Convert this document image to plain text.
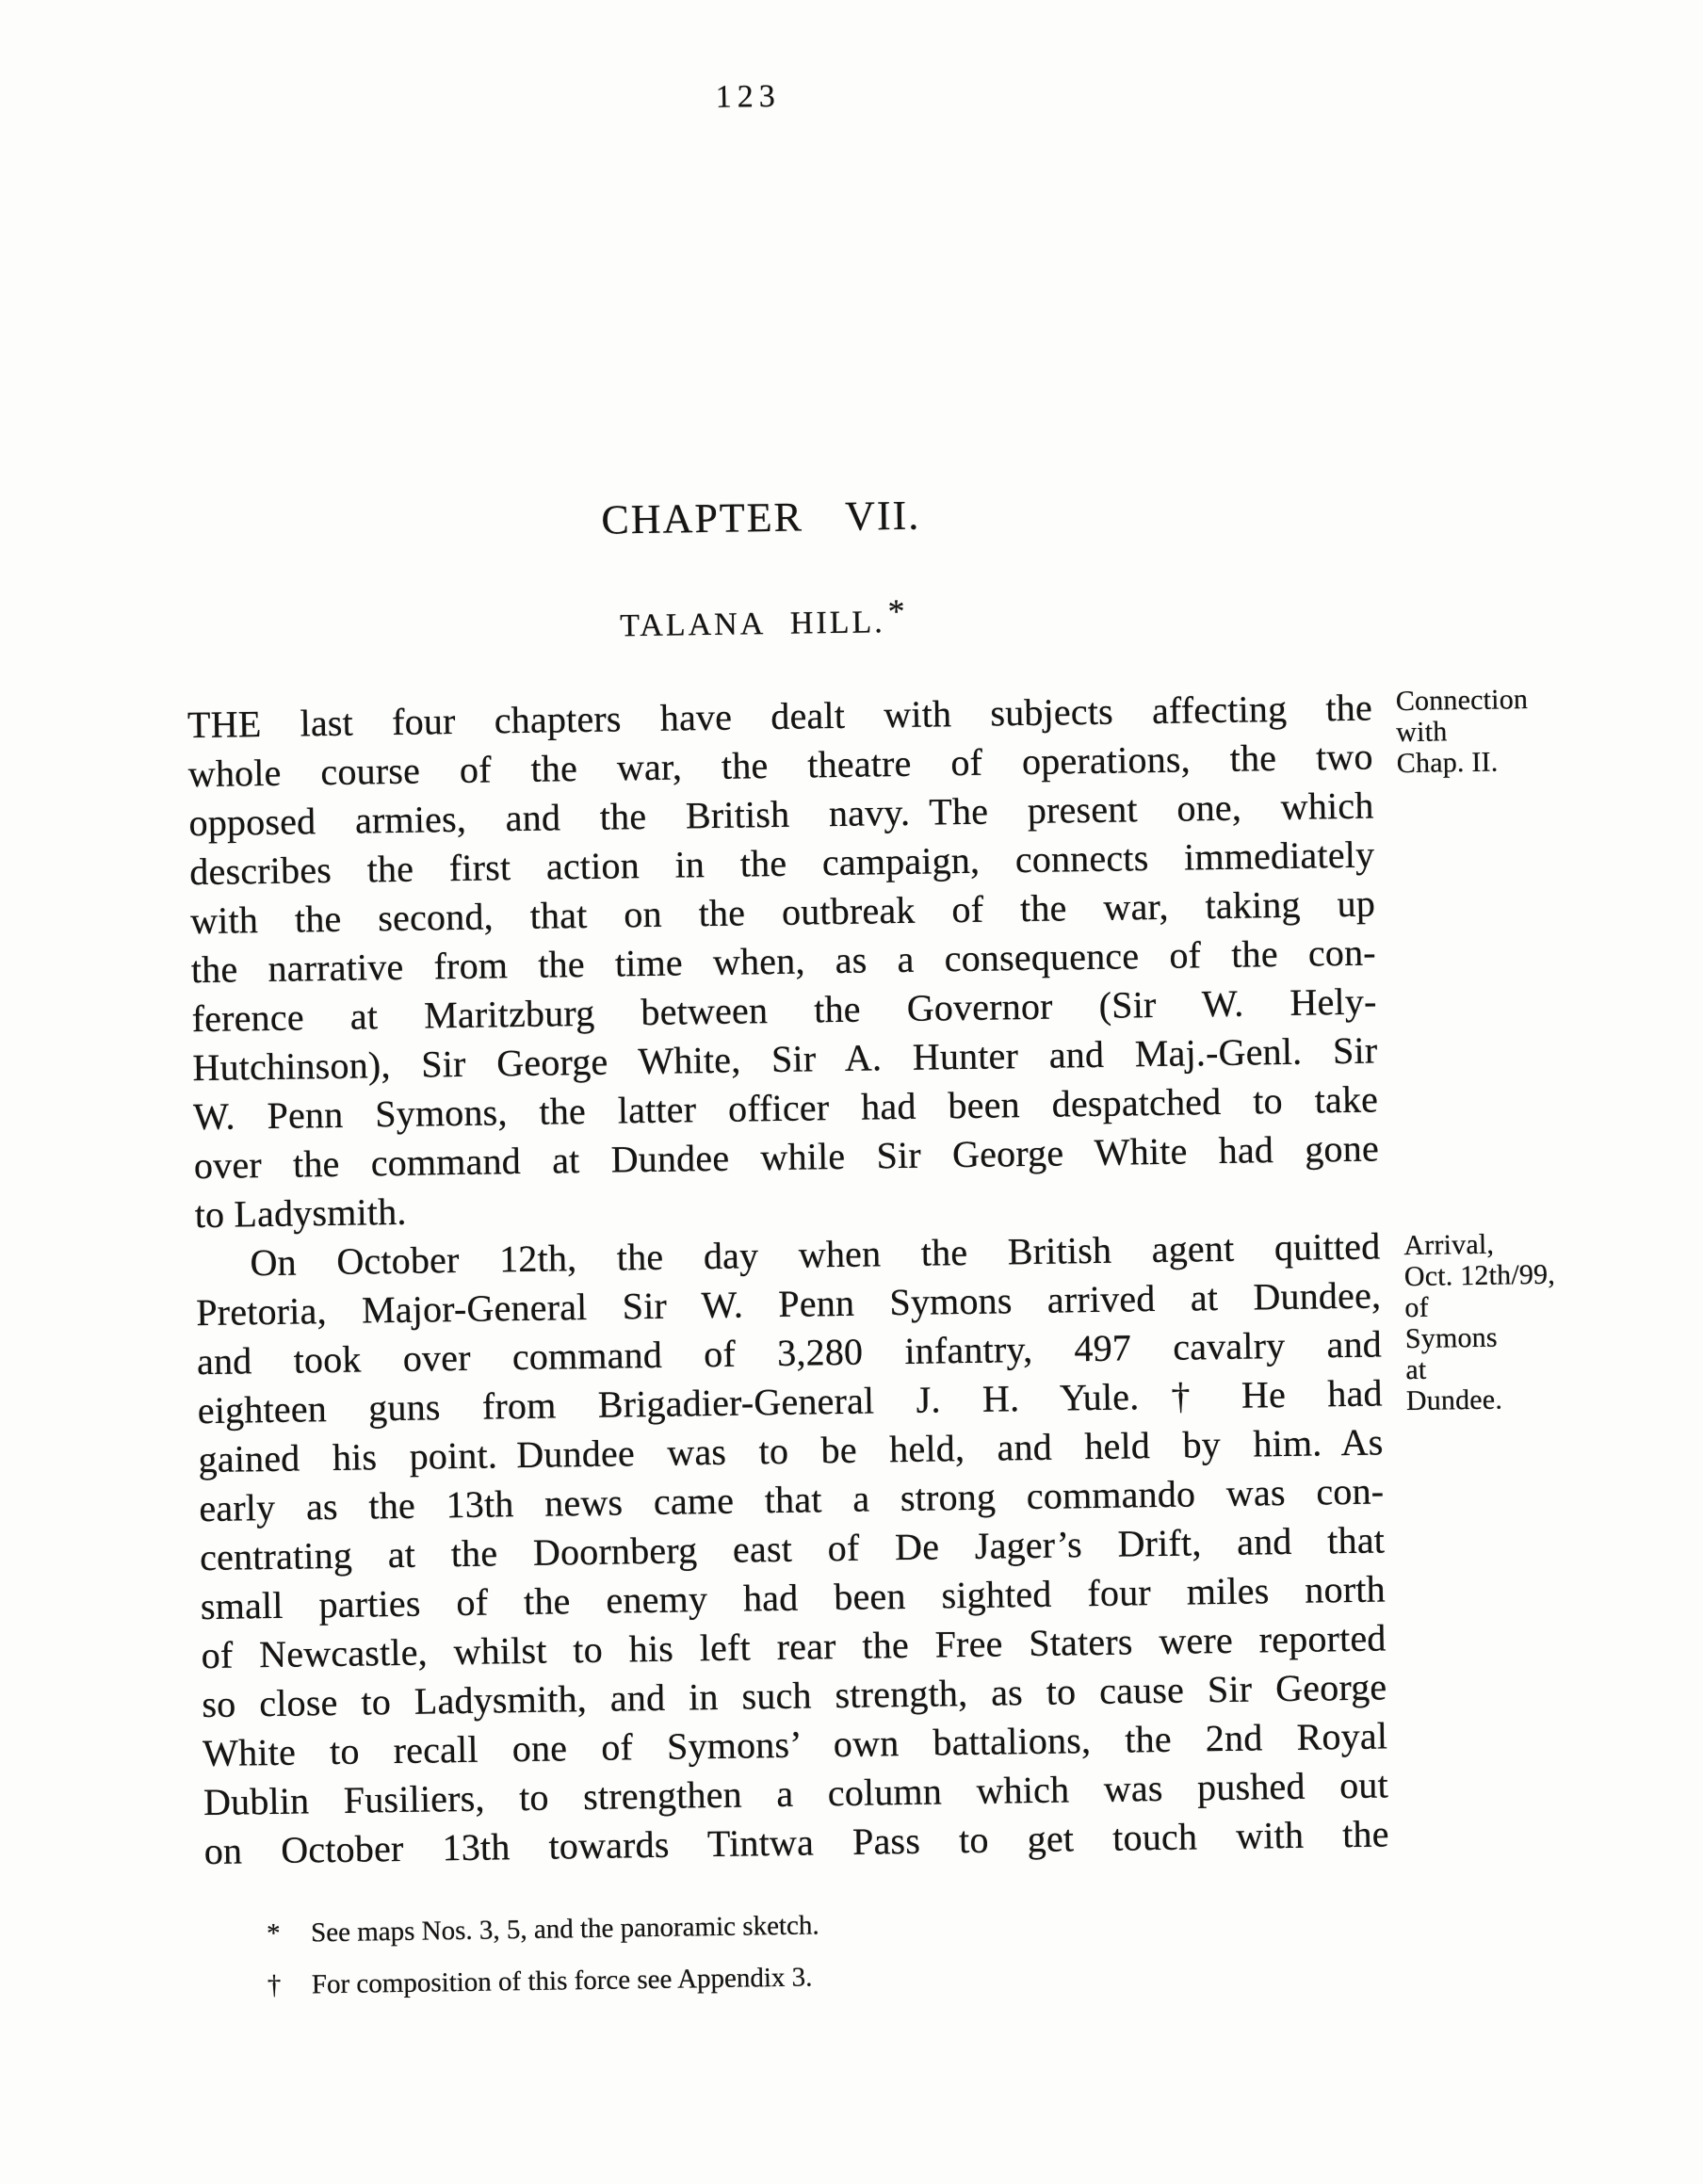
123
CHAPTER VII.
TALANA HILL.*
THE last four chapters have dealt with subjects affecting the
whole course of the war, the theatre of operations, the two
opposed armies, and the British navy. The present one, which
describes the first action in the campaign, connects immediately
with the second, that on the outbreak of the war, taking up
the narrative from the time when, as a consequence of the con-
ference at Maritzburg between the Governor (Sir W. Hely-
Hutchinson), Sir George White, Sir A. Hunter and Maj.-Genl. Sir
W. Penn Symons, the latter officer had been despatched to take
over the command at Dundee while Sir George White had gone
to Ladysmith.
On October 12th, the day when the British agent quitted
Pretoria, Major-General Sir W. Penn Symons arrived at Dundee,
and took over command of 3,280 infantry, 497 cavalry and
eighteen guns from Brigadier-General J. H. Yule.† He had
gained his point. Dundee was to be held, and held by him. As
early as the 13th news came that a strong commando was con-
centrating at the Doornberg east of De Jager’s Drift, and that
small parties of the enemy had been sighted four miles north
of Newcastle, whilst to his left rear the Free Staters were reported
so close to Ladysmith, and in such strength, as to cause Sir George
White to recall one of Symons’ own battalions, the 2nd Royal
Dublin Fusiliers, to strengthen a column which was pushed out
on October 13th towards Tintwa Pass to get touch with the
Connection
with
Chap. II.
Arrival,
Oct. 12th/99,
of
Symons
at
Dundee.
*	See maps Nos. 3, 5, and the panoramic sketch.
†	For composition of this force see Appendix 3.
